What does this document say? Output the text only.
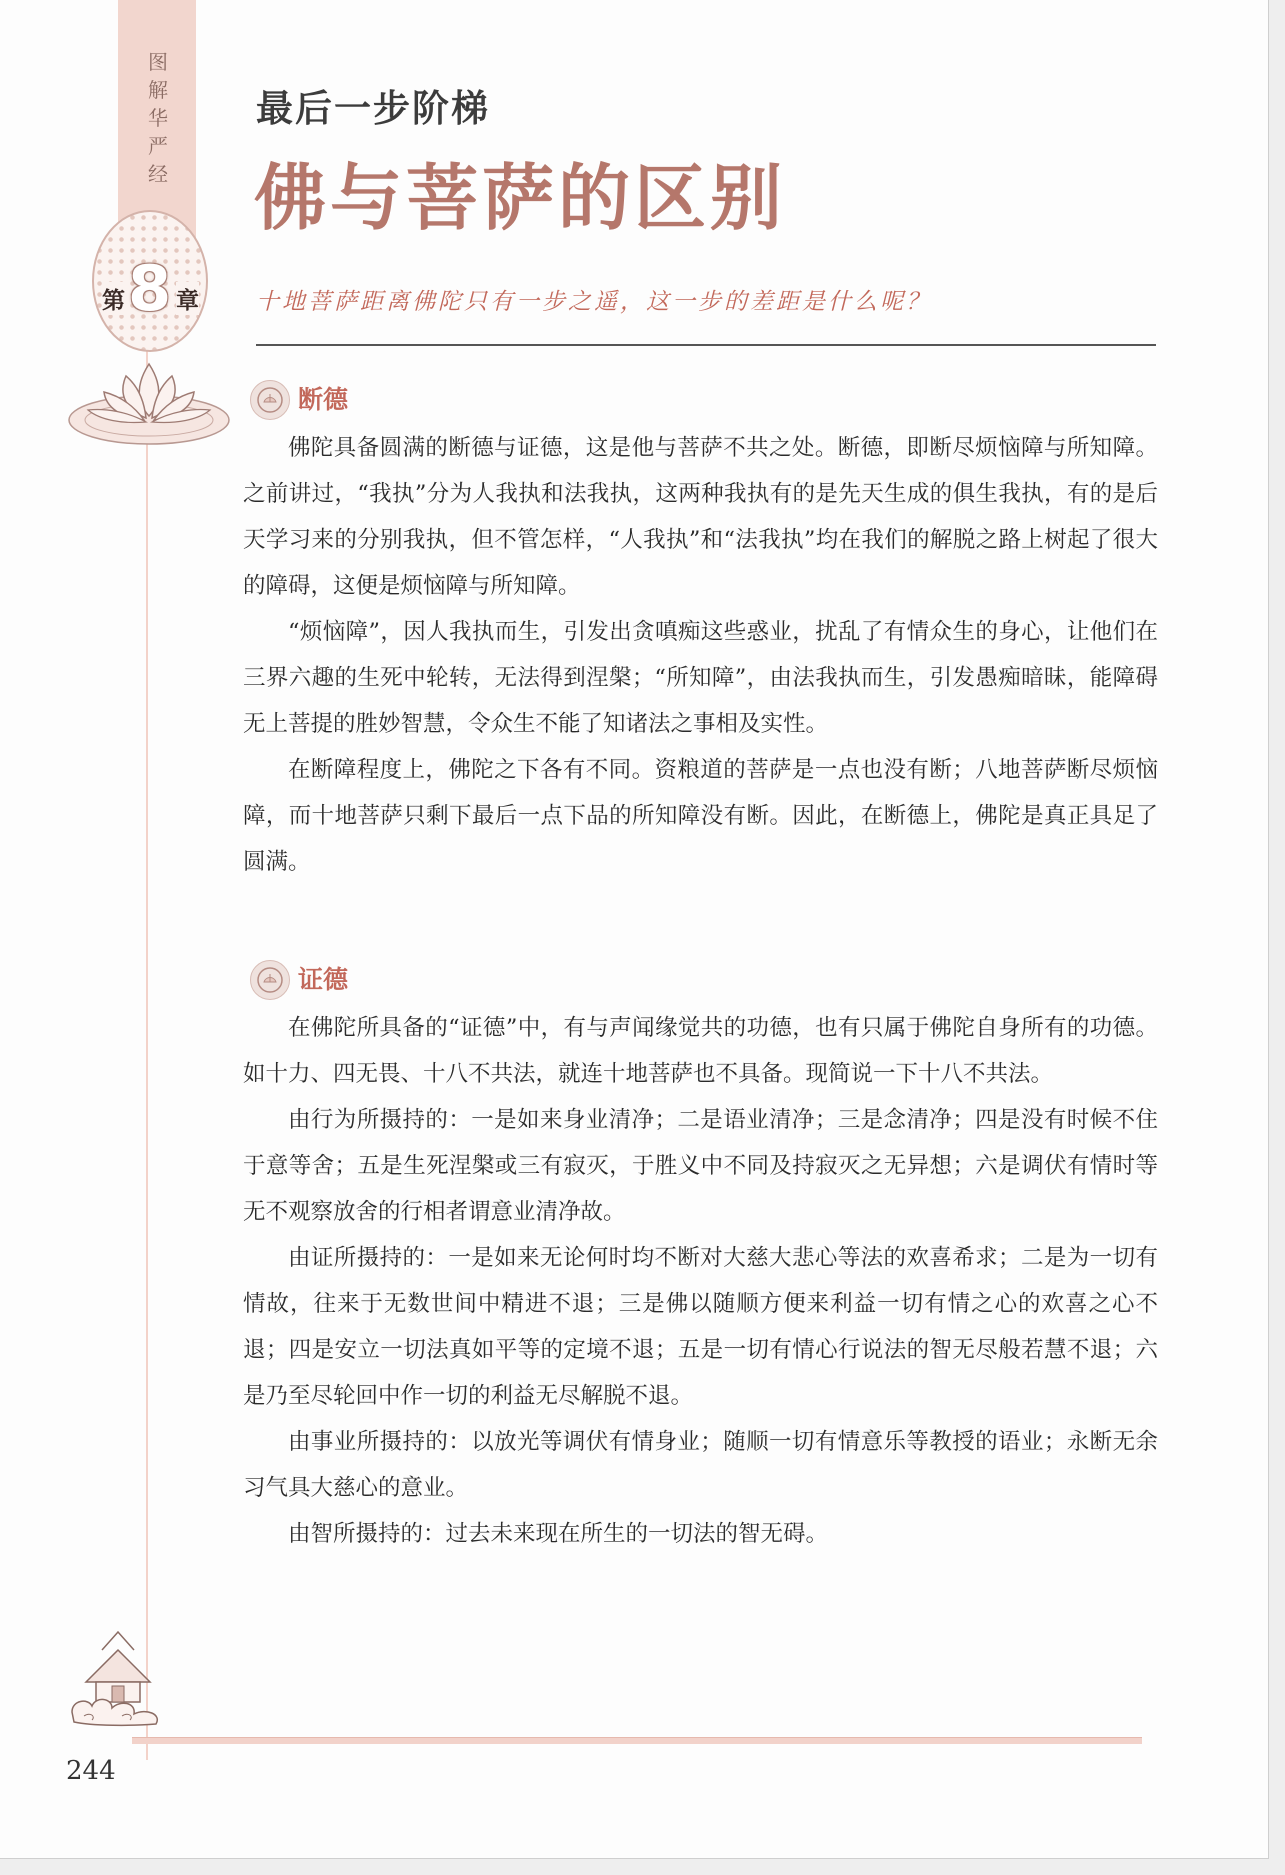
图
解
华
严
经
第 8 章
最后一步阶梯
佛与菩萨的区别
十地菩萨距离佛陀只有一步之遥，这一步的差距是什么呢？
断德

佛陀具备圆满的断德与证德，这是他与菩萨不共之处。断德，即断尽烦恼障与所知障。之前讲过，“我执”分为人我执和法我执，这两种我执有的是先天生成的俱生我执，有的是后天学习来的分别我执，但不管怎样，“人我执”和“法我执”均在我们的解脱之路上树起了很大的障碍，这便是烦恼障与所知障。

“烦恼障”，因人我执而生，引发出贪嗔痴这些惑业，扰乱了有情众生的身心，让他们在三界六趣的生死中轮转，无法得到涅槃；“所知障”，由法我执而生，引发愚痴暗昧，能障碍无上菩提的胜妙智慧，令众生不能了知诸法之事相及实性。

在断障程度上，佛陀之下各有不同。资粮道的菩萨是一点也没有断；八地菩萨断尽烦恼障，而十地菩萨只剩下最后一点下品的所知障没有断。因此，在断德上，佛陀是真正具足了圆满。

证德

在佛陀所具备的“证德”中，有与声闻缘觉共的功德，也有只属于佛陀自身所有的功德。如十力、四无畏、十八不共法，就连十地菩萨也不具备。现简说一下十八不共法。

由行为所摄持的：一是如来身业清净；二是语业清净；三是念清净；四是没有时候不住于意等舍；五是生死涅槃或三有寂灭，于胜义中不同及持寂灭之无异想；六是调伏有情时等无不观察放舍的行相者谓意业清净故。

由证所摄持的：一是如来无论何时均不断对大慈大悲心等法的欢喜希求；二是为一切有情故，往来于无数世间中精进不退；三是佛以随顺方便来利益一切有情之心的欢喜之心不退；四是安立一切法真如平等的定境不退；五是一切有情心行说法的智无尽般若慧不退；六是乃至尽轮回中作一切的利益无尽解脱不退。

由事业所摄持的：以放光等调伏有情身业；随顺一切有情意乐等教授的语业；永断无余习气具大慈心的意业。

由智所摄持的：过去未来现在所生的一切法的智无碍。

244
